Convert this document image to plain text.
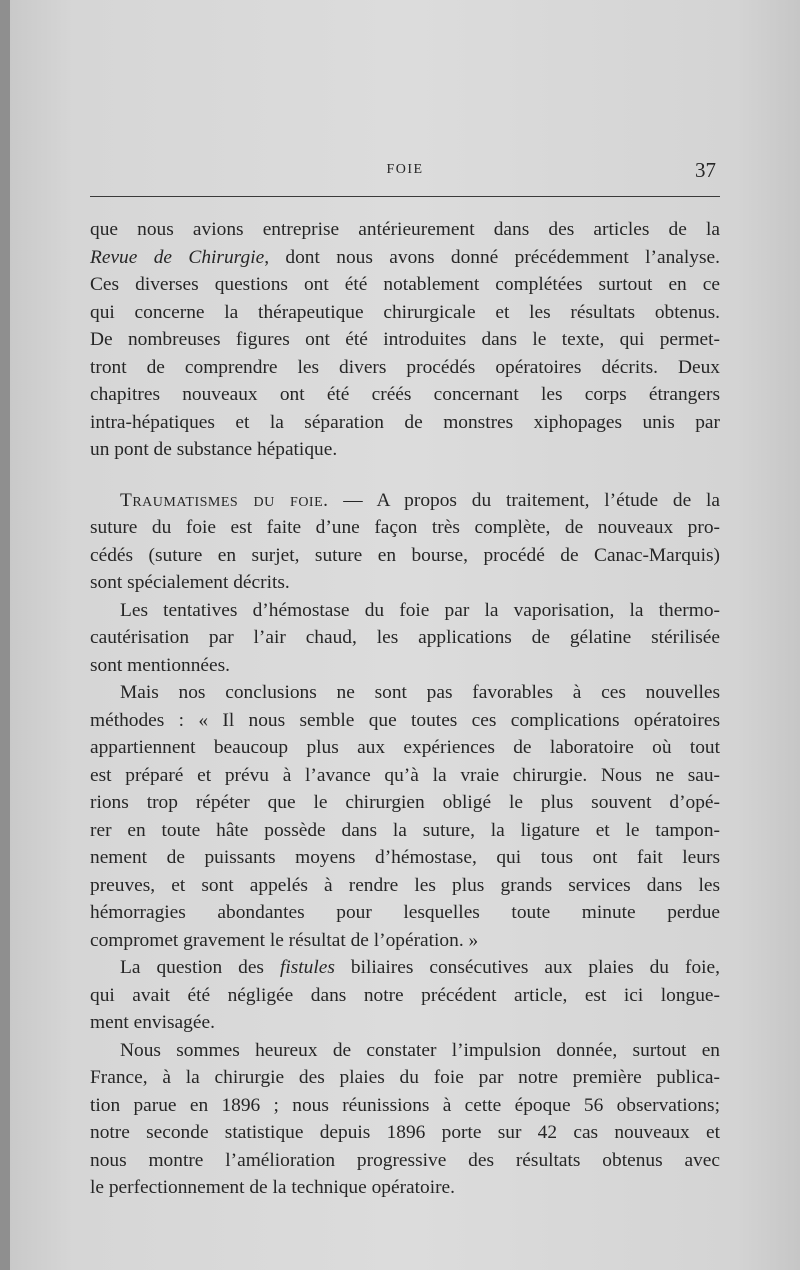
FOIE	37

que nous avions entreprise antérieurement dans des articles de la

Revue de Chirurgie, dont nous avons donné précédemment l’analyse.

Ces diverses questions ont été notablement complétées surtout en ce

qui concerne la thérapeutique chirurgicale et les résultats obtenus.

De nombreuses figures ont été introduites dans le texte, qui permet-

tront de comprendre les divers procédés opératoires décrits. Deux

chapitres nouveaux ont été créés concernant les corps étrangers

intra-hépatiques et la séparation de monstres xiphopages unis par

un pont de substance hépatique.

Traumatismes du foie. — A propos du traitement, l’étude de la

suture du foie est faite d’une façon très complète, de nouveaux pro-

cédés (suture en surjet, suture en bourse, procédé de Canac-Marquis)

sont spécialement décrits.

Les tentatives d’hémostase du foie par la vaporisation, la thermo-

cautérisation par l’air chaud, les applications de gélatine stérilisée

sont mentionnées.

Mais nos conclusions ne sont pas favorables à ces nouvelles

méthodes : « Il nous semble que toutes ces complications opératoires

appartiennent beaucoup plus aux expériences de laboratoire où tout

est préparé et prévu à l’avance qu’à la vraie chirurgie. Nous ne sau-

rions trop répéter que le chirurgien obligé le plus souvent d’opé-

rer en toute hâte possède dans la suture, la ligature et le tampon-

nement de puissants moyens d’hémostase, qui tous ont fait leurs

preuves, et sont appelés à rendre les plus grands services dans les

hémorragies abondantes pour lesquelles toute minute perdue

compromet gravement le résultat de l’opération. »

La question des fistules biliaires consécutives aux plaies du foie,

qui avait été négligée dans notre précédent article, est ici longue-

ment envisagée.

Nous sommes heureux de constater l’impulsion donnée, surtout en

France, à la chirurgie des plaies du foie par notre première publica-

tion parue en 1896 ; nous réunissions à cette époque 56 observations;

notre seconde statistique depuis 1896 porte sur 42 cas nouveaux et

nous montre l’amélioration progressive des résultats obtenus avec

le perfectionnement de la technique opératoire.
